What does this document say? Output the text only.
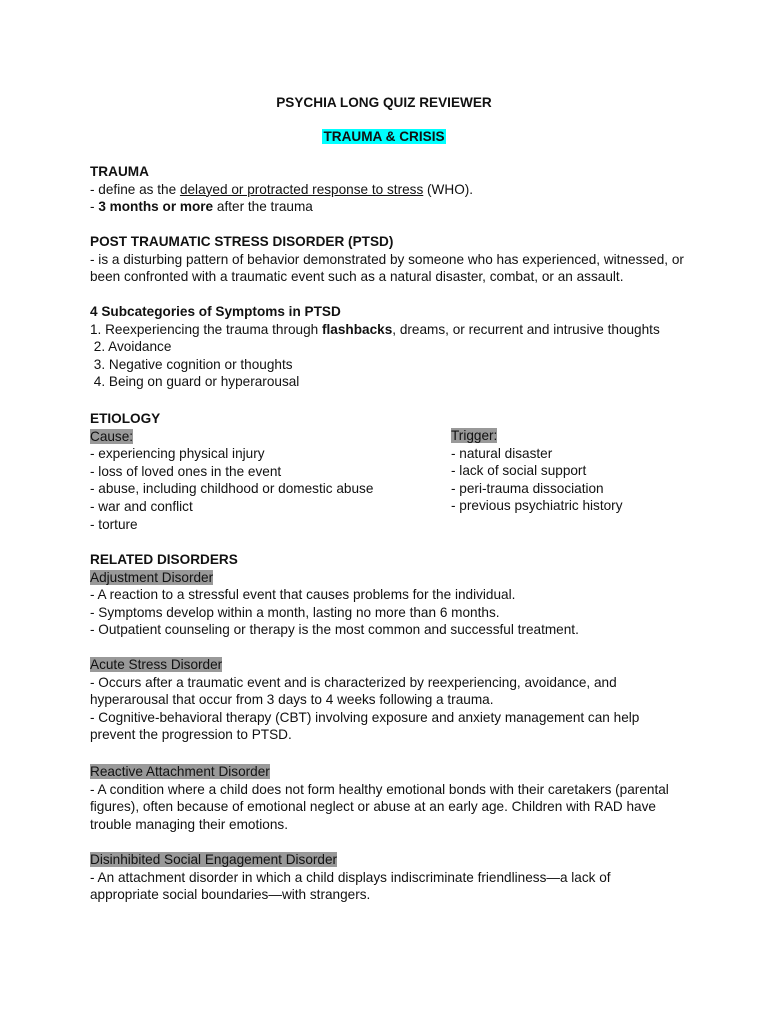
PSYCHIA LONG QUIZ REVIEWER
TRAUMA & CRISIS
TRAUMA
- define as the delayed or protracted response to stress (WHO).
- 3 months or more after the trauma
POST TRAUMATIC STRESS DISORDER (PTSD)
- is a disturbing pattern of behavior demonstrated by someone who has experienced, witnessed, or been confronted with a traumatic event such as a natural disaster, combat, or an assault.
4 Subcategories of Symptoms in PTSD
1. Reexperiencing the trauma through flashbacks, dreams, or recurrent and intrusive thoughts
2. Avoidance
3. Negative cognition or thoughts
4. Being on guard or hyperarousal
ETIOLOGY
Cause:
- experiencing physical injury
- loss of loved ones in the event
- abuse, including childhood or domestic abuse
- war and conflict
- torture
Trigger:
- natural disaster
- lack of social support
- peri-trauma dissociation
- previous psychiatric history
RELATED DISORDERS
Adjustment Disorder
- A reaction to a stressful event that causes problems for the individual.
- Symptoms develop within a month, lasting no more than 6 months.
- Outpatient counseling or therapy is the most common and successful treatment.
Acute Stress Disorder
- Occurs after a traumatic event and is characterized by reexperiencing, avoidance, and hyperarousal that occur from 3 days to 4 weeks following a trauma.
- Cognitive-behavioral therapy (CBT) involving exposure and anxiety management can help prevent the progression to PTSD.
Reactive Attachment Disorder
- A condition where a child does not form healthy emotional bonds with their caretakers (parental figures), often because of emotional neglect or abuse at an early age. Children with RAD have trouble managing their emotions.
Disinhibited Social Engagement Disorder
- An attachment disorder in which a child displays indiscriminate friendliness—a lack of appropriate social boundaries—with strangers.
